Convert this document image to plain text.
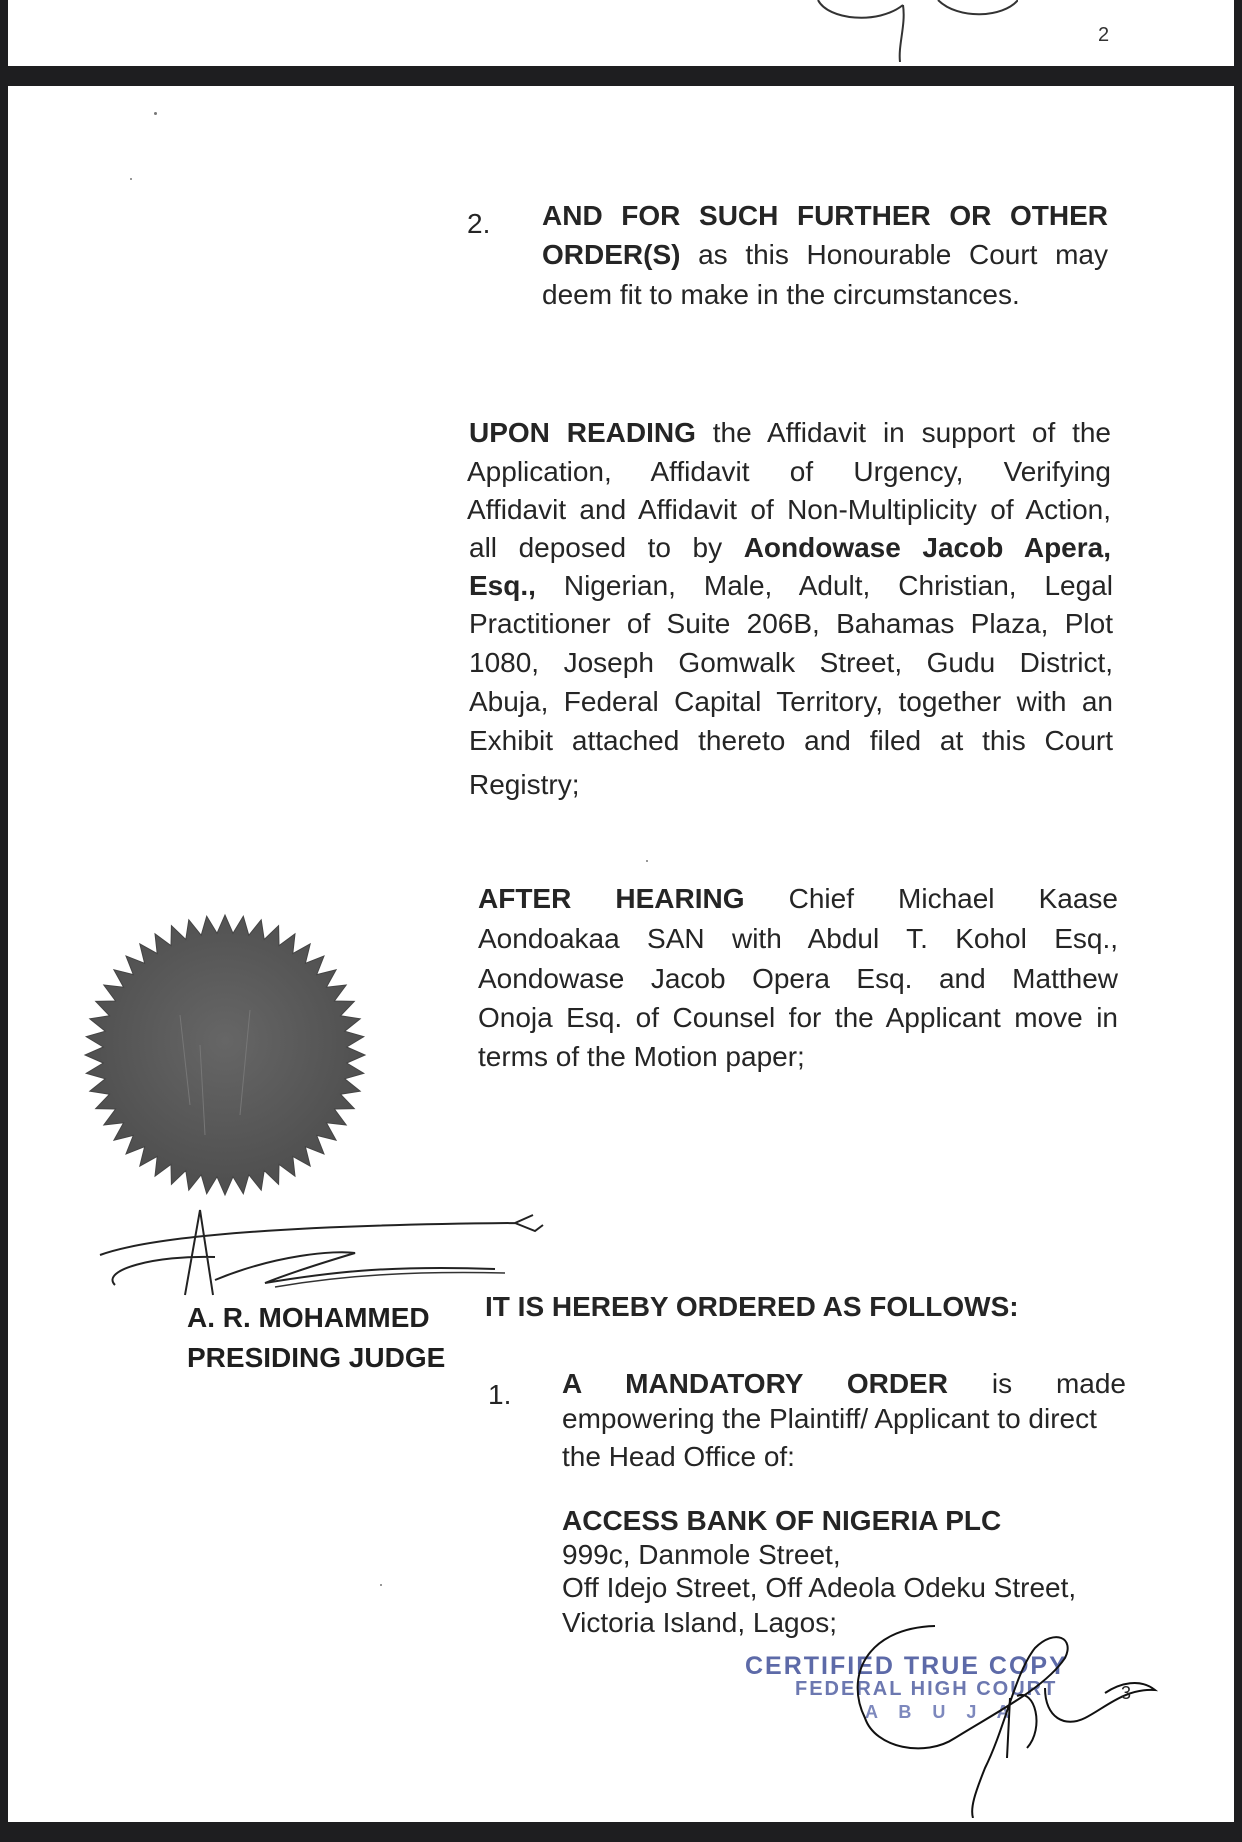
2
2. AND FOR SUCH FURTHER OR OTHER
ORDER(S) as this Honourable Court may
deem fit to make in the circumstances.
UPON READING the Affidavit in support of the
Application, Affidavit of Urgency, Verifying
Affidavit and Affidavit of Non-Multiplicity of Action,
all deposed to by Aondowase Jacob Apera,
Esq., Nigerian, Male, Adult, Christian, Legal
Practitioner of Suite 206B, Bahamas Plaza, Plot
1080, Joseph Gomwalk Street, Gudu District,
Abuja, Federal Capital Territory, together with an
Exhibit attached thereto and filed at this Court
Registry;
AFTER HEARING Chief Michael Kaase
Aondoakaa SAN with Abdul T. Kohol Esq.,
Aondowase Jacob Opera Esq. and Matthew
Onoja Esq. of Counsel for the Applicant move in
terms of the Motion paper;
A. R. MOHAMMED
PRESIDING JUDGE
IT IS HEREBY ORDERED AS FOLLOWS:
1. A MANDATORY ORDER is made
empowering the Plaintiff/ Applicant to direct
the Head Office of:
ACCESS BANK OF NIGERIA PLC
999c, Danmole Street,
Off Idejo Street, Off Adeola Odeku Street,
Victoria Island, Lagos;
CERTIFIED TRUE COPY
FEDERAL HIGH COURT
A B U J A
3
